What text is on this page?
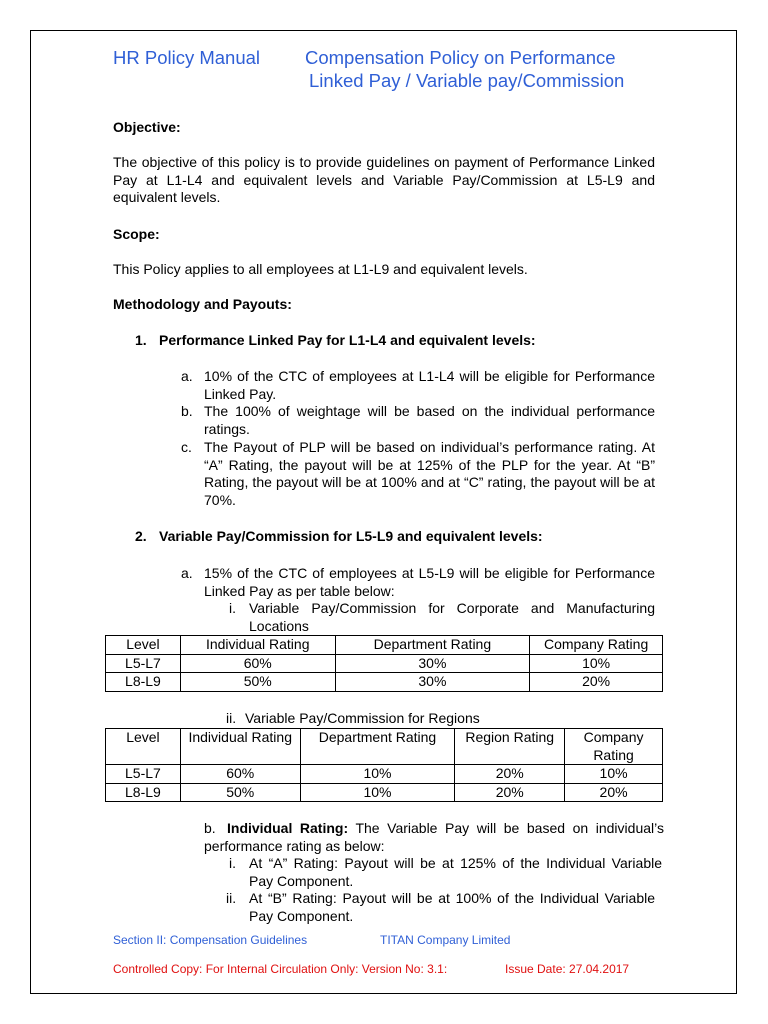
HR Policy Manual Compensation Policy on Performance
Linked Pay / Variable pay/Commission
Objective:
The objective of this policy is to provide guidelines on payment of Performance Linked Pay at L1-L4 and equivalent levels and Variable Pay/Commission at L5-L9 and equivalent levels.
Scope:
This Policy applies to all employees at L1-L9 and equivalent levels.
Methodology and Payouts:
1. Performance Linked Pay for L1-L4 and equivalent levels:
a. 10% of the CTC of employees at L1-L4 will be eligible for Performance Linked Pay.
b. The 100% of weightage will be based on the individual performance ratings.
c. The Payout of PLP will be based on individual’s performance rating. At “A” Rating, the payout will be at 125% of the PLP for the year. At “B” Rating, the payout will be at 100% and at “C” rating, the payout will be at 70%.
2. Variable Pay/Commission for L5-L9 and equivalent levels:
a. 15% of the CTC of employees at L5-L9 will be eligible for Performance Linked Pay as per table below:
i. Variable Pay/Commission for Corporate and Manufacturing Locations
Level	Individual Rating	Department Rating	Company Rating
L5-L7	60%	30%	10%
L8-L9	50%	30%	20%
ii. Variable Pay/Commission for Regions
Level	Individual Rating	Department Rating	Region Rating	Company Rating
L5-L7	60%	10%	20%	10%
L8-L9	50%	10%	20%	20%
b. Individual Rating: The Variable Pay will be based on individual’s performance rating as below:
i. At “A” Rating: Payout will be at 125% of the Individual Variable Pay Component.
ii. At “B” Rating: Payout will be at 100% of the Individual Variable Pay Component.
Section II: Compensation Guidelines	TITAN Company Limited
Controlled Copy: For Internal Circulation Only: Version No: 3.1:	Issue Date: 27.04.2017
